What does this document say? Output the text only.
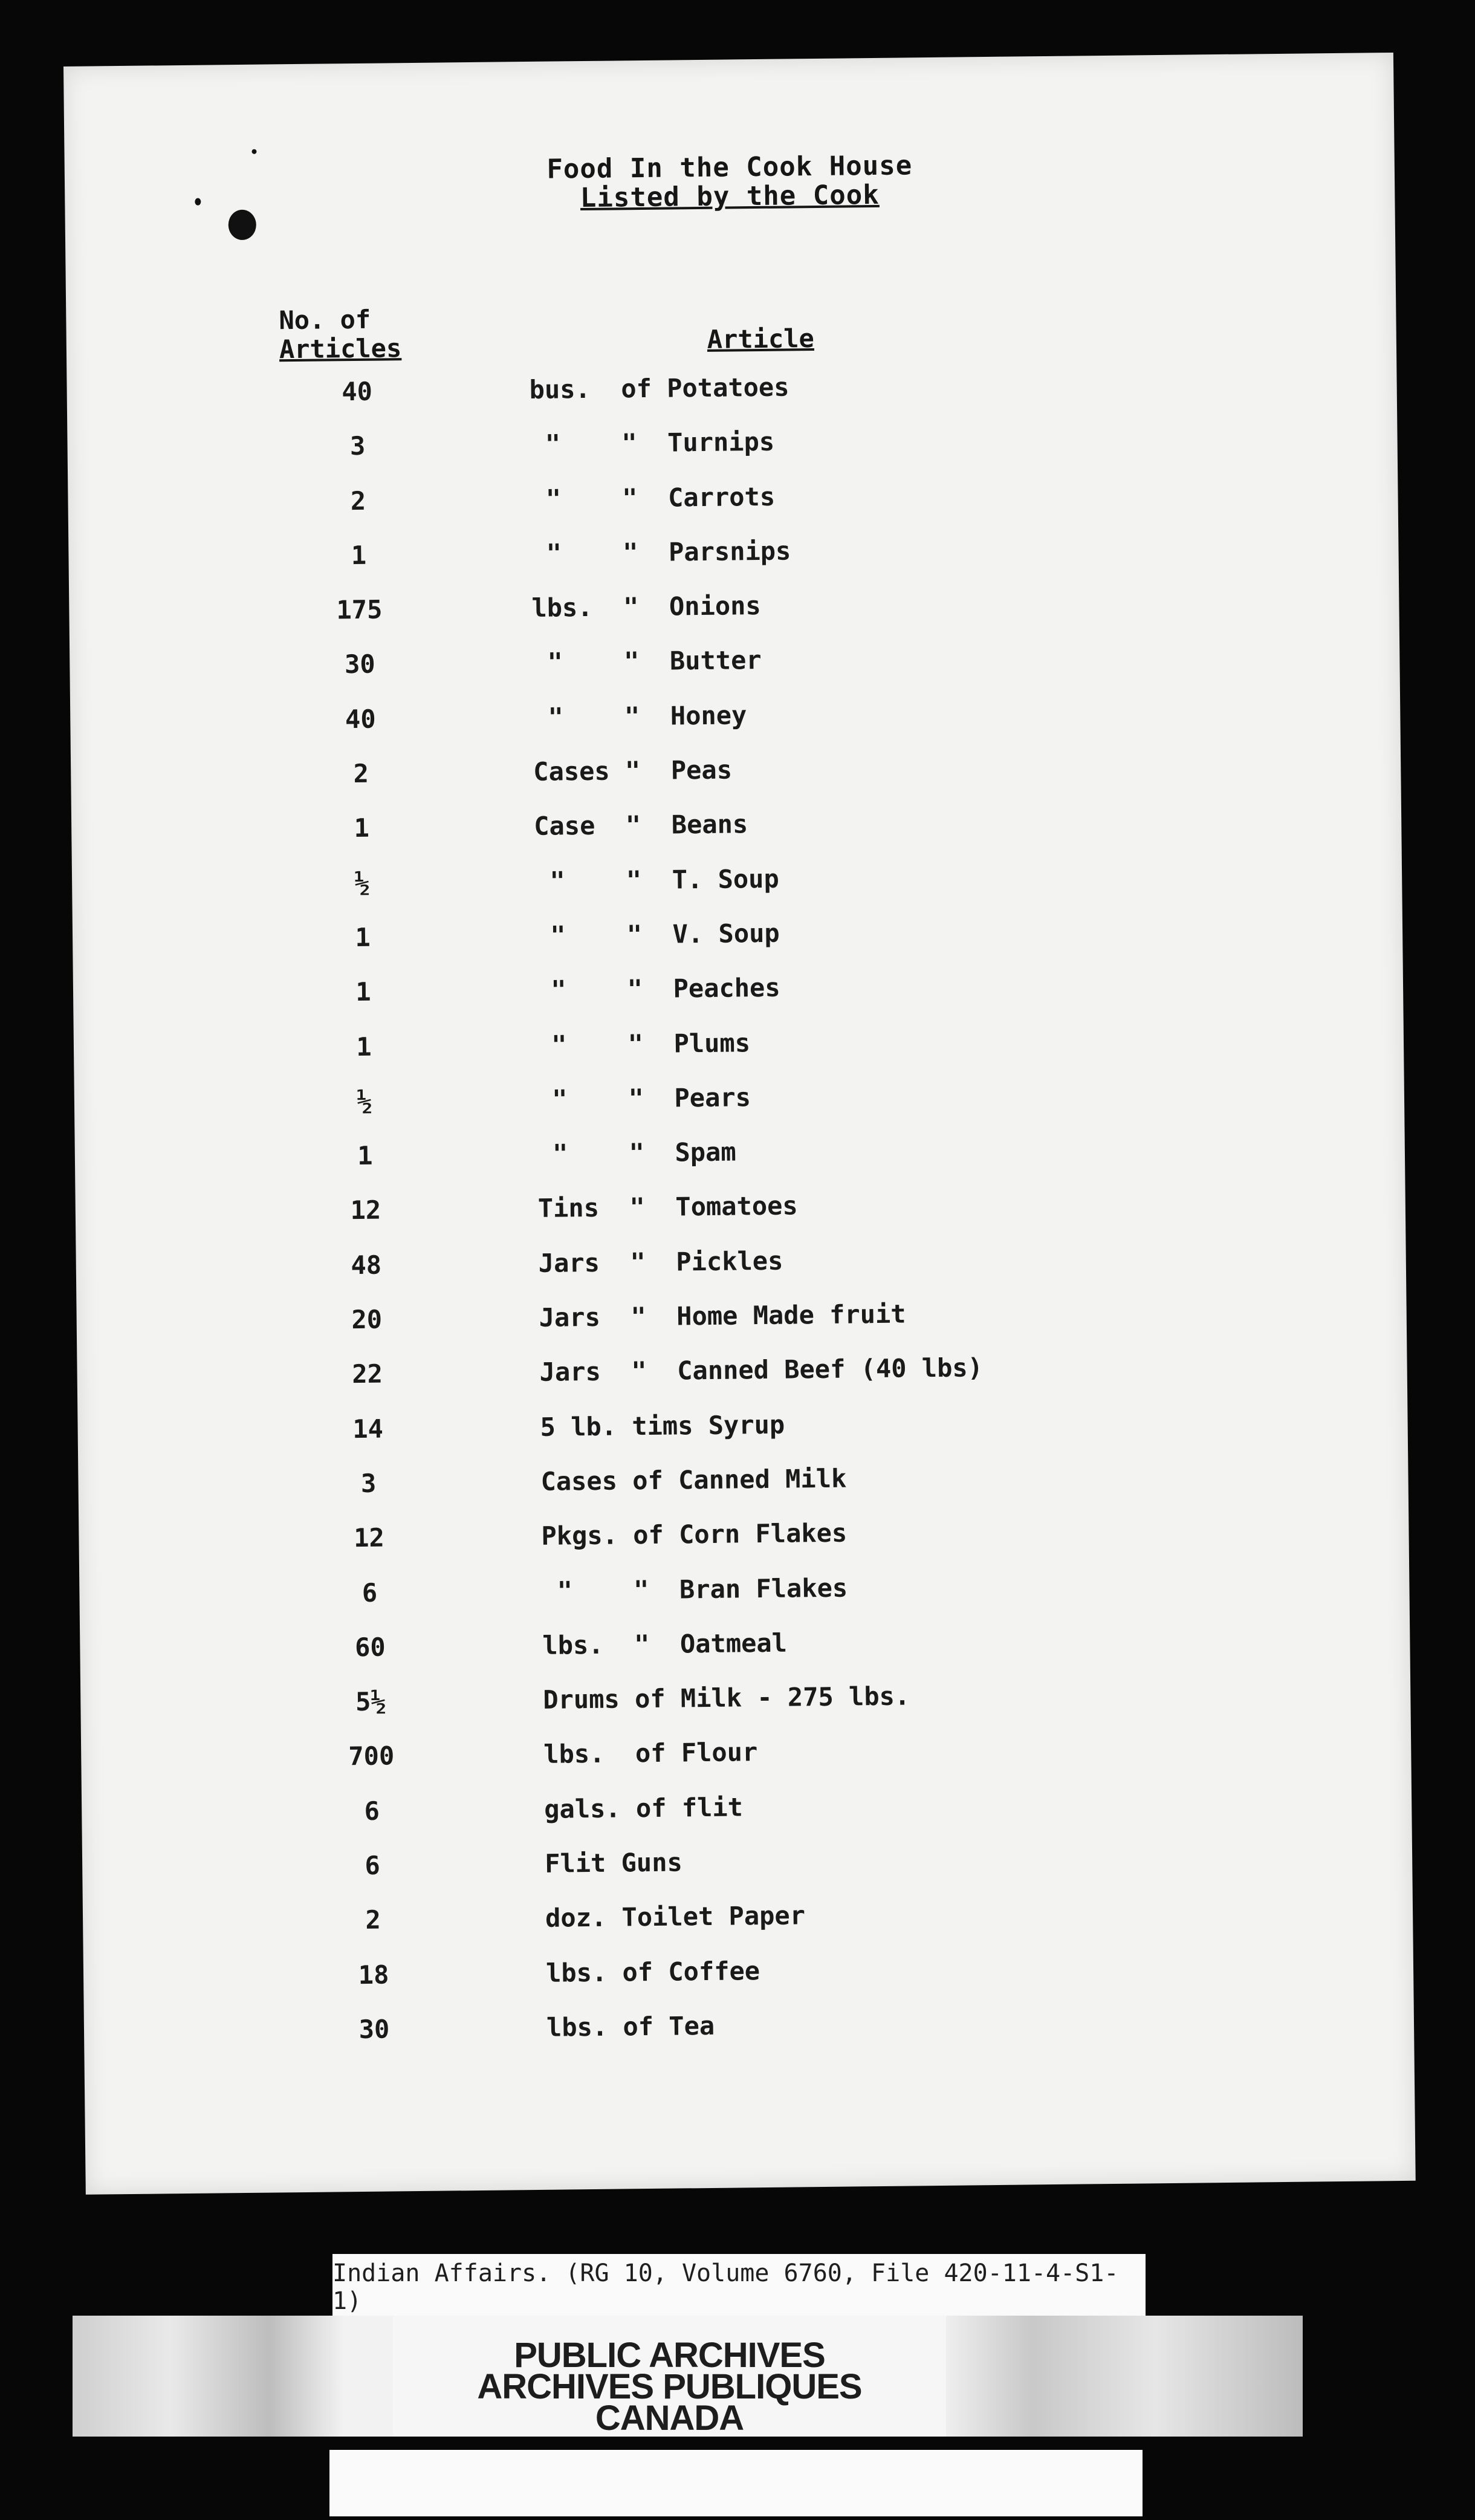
Food In the Cook House
Listed by the Cook
No. of
Articles	Article
40	bus.  of Potatoes
3	"    "  Turnips
2	"    "  Carrots
1	"    "  Parsnips
175	lbs.  "  Onions
30	"    "  Butter
40	"    "  Honey
2	Cases "  Peas
1	Case  "  Beans
½	"    "  T. Soup
1	"    "  V. Soup
1	"    "  Peaches
1	"    "  Plums
½	"    "  Pears
1	"    "  Spam
12	Tins  "  Tomatoes
48	Jars  "  Pickles
20	Jars  "  Home Made fruit
22	Jars  "  Canned Beef (40 lbs)
14	5 lb. tims Syrup
3	Cases of Canned Milk
12	Pkgs. of Corn Flakes
6	"    "  Bran Flakes
60	lbs.  "  Oatmeal
5½	Drums of Milk - 275 lbs.
700	lbs.  of Flour
6	gals. of flit
6	Flit Guns
2	doz. Toilet Paper
18	lbs. of Coffee
30	lbs. of Tea
Indian Affairs. (RG 10, Volume 6760, File 420-11-4-S1-1)
PUBLIC ARCHIVES
ARCHIVES PUBLIQUES
CANADA
